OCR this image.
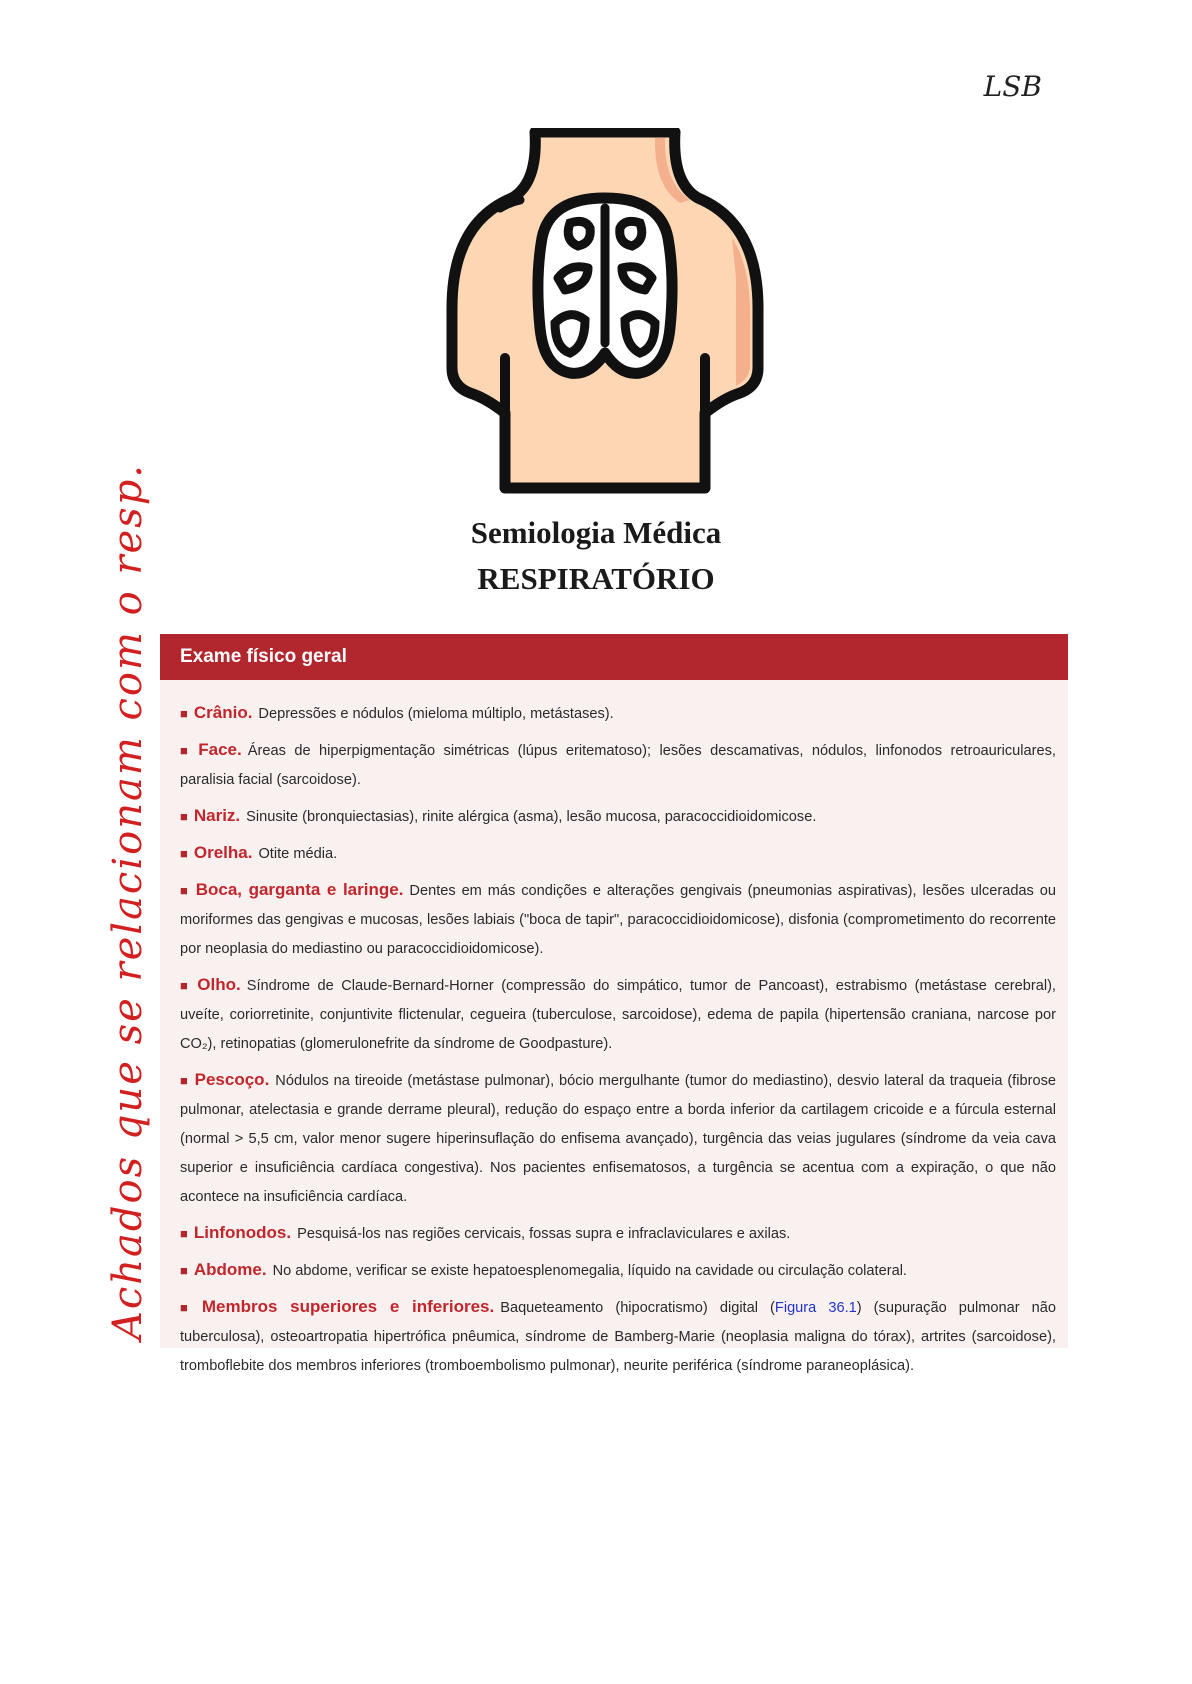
LSB
Semiologia Médica
RESPIRATÓRIO
Exame físico geral
■ Crânio. Depressões e nódulos (mieloma múltiplo, metástases).
■ Face. Áreas de hiperpigmentação simétricas (lúpus eritematoso); lesões descamativas, nódulos, linfonodos retroauriculares, paralisia facial (sarcoidose).
■ Nariz. Sinusite (bronquiectasias), rinite alérgica (asma), lesão mucosa, paracoccidioidomicose.
■ Orelha. Otite média.
■ Boca, garganta e laringe. Dentes em más condições e alterações gengivais (pneumonias aspirativas), lesões ulceradas ou moriformes das gengivas e mucosas, lesões labiais ("boca de tapir", paracoccidioidomicose), disfonia (comprometimento do recorrente por neoplasia do mediastino ou paracoccidioidomicose).
■ Olho. Síndrome de Claude-Bernard-Horner (compressão do simpático, tumor de Pancoast), estrabismo (metástase cerebral), uveíte, coriorretinite, conjuntivite flictenular, cegueira (tuberculose, sarcoidose), edema de papila (hipertensão craniana, narcose por CO₂), retinopatias (glomerulonefrite da síndrome de Goodpasture).
■ Pescoço. Nódulos na tireoide (metástase pulmonar), bócio mergulhante (tumor do mediastino), desvio lateral da traqueia (fibrose pulmonar, atelectasia e grande derrame pleural), redução do espaço entre a borda inferior da cartilagem cricoide e a fúrcula esternal (normal > 5,5 cm, valor menor sugere hiperinsuflação do enfisema avançado), turgência das veias jugulares (síndrome da veia cava superior e insuficiência cardíaca congestiva). Nos pacientes enfisematosos, a turgência se acentua com a expiração, o que não acontece na insuficiência cardíaca.
■ Linfonodos. Pesquisá-los nas regiões cervicais, fossas supra e infraclaviculares e axilas.
■ Abdome. No abdome, verificar se existe hepatoesplenomegalia, líquido na cavidade ou circulação colateral.
■ Membros superiores e inferiores. Baqueteamento (hipocratismo) digital (Figura 36.1) (supuração pulmonar não tuberculosa), osteoartropatia hipertrófica pnêumica, síndrome de Bamberg-Marie (neoplasia maligna do tórax), artrites (sarcoidose), tromboflebite dos membros inferiores (tromboembolismo pulmonar), neurite periférica (síndrome paraneoplásica).
Achados que se relacionam com o resp.
